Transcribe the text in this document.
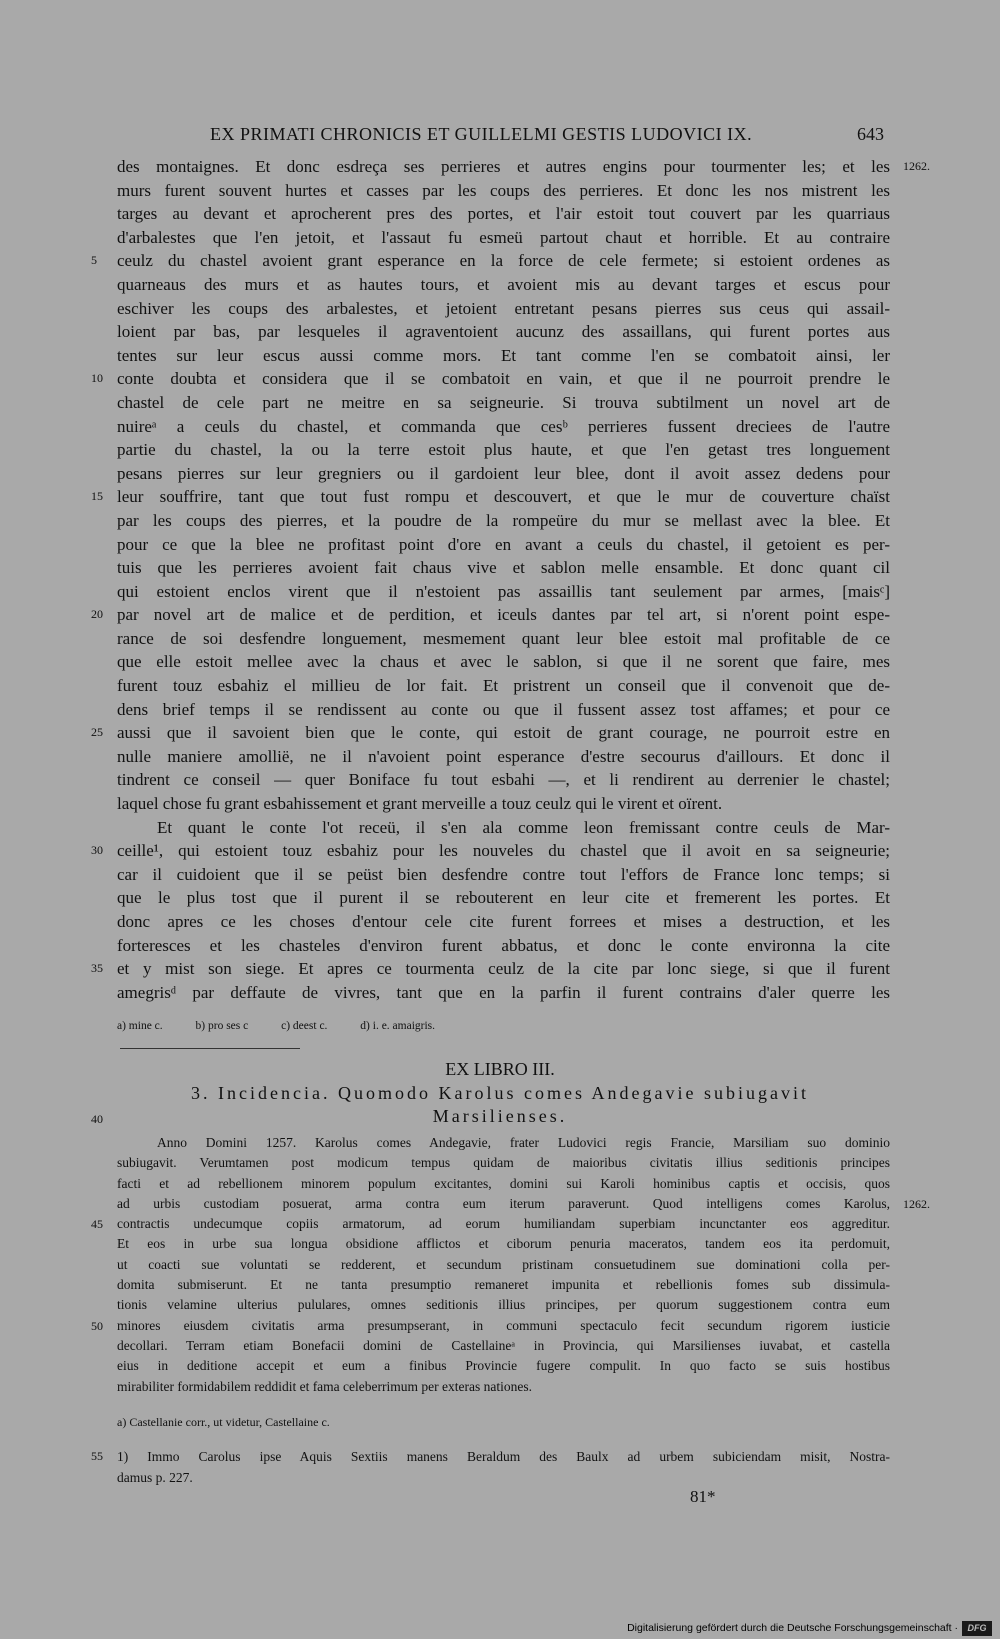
EX PRIMATI CHRONICIS ET GUILLELMI GESTIS LUDOVICI IX.	643
des montaignes. Et donc esdreça ses perrieres et autres engins pour tourmenter les; et les 1262.
murs furent souvent hurtes et casses par les coups des perrieres. Et donc les nos mistrent les
targes au devant et aprocherent pres des portes, et l'air estoit tout couvert par les quarriaus
d'arbalestes que l'en jetoit, et l'assaut fu esmeü partout chaut et horrible. Et au contraire
5 ceulz du chastel avoient grant esperance en la force de cele fermete; si estoient ordenes as
quarneaus des murs et as hautes tours, et avoient mis au devant targes et escus pour
eschiver les coups des arbalestes, et jetoient entretant pesans pierres sus ceus qui assail-
loient par bas, par lesqueles il agraventoient aucunz des assaillans, qui furent portes aus
tentes sur leur escus aussi comme mors. Et tant comme l'en se combatoit ainsi, ler
10 conte doubta et considera que il se combatoit en vain, et que il ne pourroit prendre le
chastel de cele part ne meitre en sa seigneurie. Si trouva subtilment un novel art de
nuireᵃ a ceuls du chastel, et commanda que cesᵇ perrieres fussent dreciees de l'autre
partie du chastel, la ou la terre estoit plus haute, et que l'en getast tres longuement
pesans pierres sur leur gregniers ou il gardoient leur blee, dont il avoit assez dedens pour
15 leur souffrire, tant que tout fust rompu et descouvert, et que le mur de couverture chaïst
par les coups des pierres, et la poudre de la rompeüre du mur se mellast avec la blee. Et
pour ce que la blee ne profitast point d'ore en avant a ceuls du chastel, il getoient es per-
tuis que les perrieres avoient fait chaus vive et sablon melle ensamble. Et donc quant cil
qui estoient enclos virent que il n'estoient pas assaillis tant seulement par armes, [maisᶜ]
20 par novel art de malice et de perdition, et iceuls dantes par tel art, si n'orent point espe-
rance de soi desfendre longuement, mesmement quant leur blee estoit mal profitable de ce
que elle estoit mellee avec la chaus et avec le sablon, si que il ne sorent que faire, mes
furent touz esbahiz el millieu de lor fait. Et pristrent un conseil que il convenoit que de-
dens brief temps il se rendissent au conte ou que il fussent assez tost affames; et pour ce
25 aussi que il savoient bien que le conte, qui estoit de grant courage, ne pourroit estre en
nulle maniere amollië, ne il n'avoient point esperance d'estre secourus d'aillours. Et donc il
tindrent ce conseil — quer Boniface fu tout esbahi —, et li rendirent au derrenier le chastel;
laquel chose fu grant esbahissement et grant merveille a touz ceulz qui le virent et oïrent.
Et quant le conte l'ot receü, il s'en ala comme leon fremissant contre ceuls de Mar-
30 ceille¹, qui estoient touz esbahiz pour les nouveles du chastel que il avoit en sa seigneurie;
car il cuidoient que il se peüst bien desfendre contre tout l'effors de France lonc temps; si
que le plus tost que il purent il se rebouterent en leur cite et fremerent les portes. Et
donc apres ce les choses d'entour cele cite furent forrees et mises a destruction, et les
forteresces et les chasteles d'environ furent abbatus, et donc le conte environna la cite
35 et y mist son siege. Et apres ce tourmenta ceulz de la cite par lonc siege, si que il furent
amegrisᵈ par deffaute de vivres, tant que en la parfin il furent contrains d'aler querre les
a) mine c.	b) pro ses c	c) deest c.	d) i. e. amaigris.
EX LIBRO III.
3. Incidencia. Quomodo Karolus comes Andegavie subiugavit
Marsilienses.
40
Anno Domini 1257. Karolus comes Andegavie, frater Ludovici regis Francie, Marsiliam suo dominio
subiugavit. Verumtamen post modicum tempus quidam de maioribus civitatis illius seditionis principes
facti et ad rebellionem minorem populum excitantes, domini sui Karoli hominibus captis et occisis, quos
ad urbis custodiam posuerat, arma contra eum iterum paraverunt. Quod intelligens comes Karolus, 1262.
45 contractis undecumque copiis armatorum, ad eorum humiliandam superbiam incunctanter eos aggreditur.
Et eos in urbe sua longua obsidione afflictos et ciborum penuria maceratos, tandem eos ita perdomuit,
ut coacti sue voluntati se redderent, et secundum pristinam consuetudinem sue dominationi colla per-
domita submiserunt. Et ne tanta presumptio remaneret impunita et rebellionis fomes sub dissimula-
tionis velamine ulterius pululares, omnes seditionis illius principes, per quorum suggestionem contra eum
50 minores eiusdem civitatis arma presumpserant, in communi spectaculo fecit secundum rigorem iusticie
decollari. Terram etiam Bonefacii domini de Castellaineᵃ in Provincia, qui Marsilienses iuvabat, et castella
eius in deditione accepit et eum a finibus Provincie fugere compulit. In quo facto se suis hostibus
mirabiliter formidabilem reddidit et fama celeberrimum per exteras nationes.
a) Castellanie corr., ut videtur, Castellaine c.
55 1) Immo Carolus ipse Aquis Sextiis manens Beraldum des Baulx ad urbem subiciendam misit, Nostra-
damus p. 227.
81*
Digitalisierung gefördert durch die Deutsche Forschungsgemeinschaft ·	DFG
